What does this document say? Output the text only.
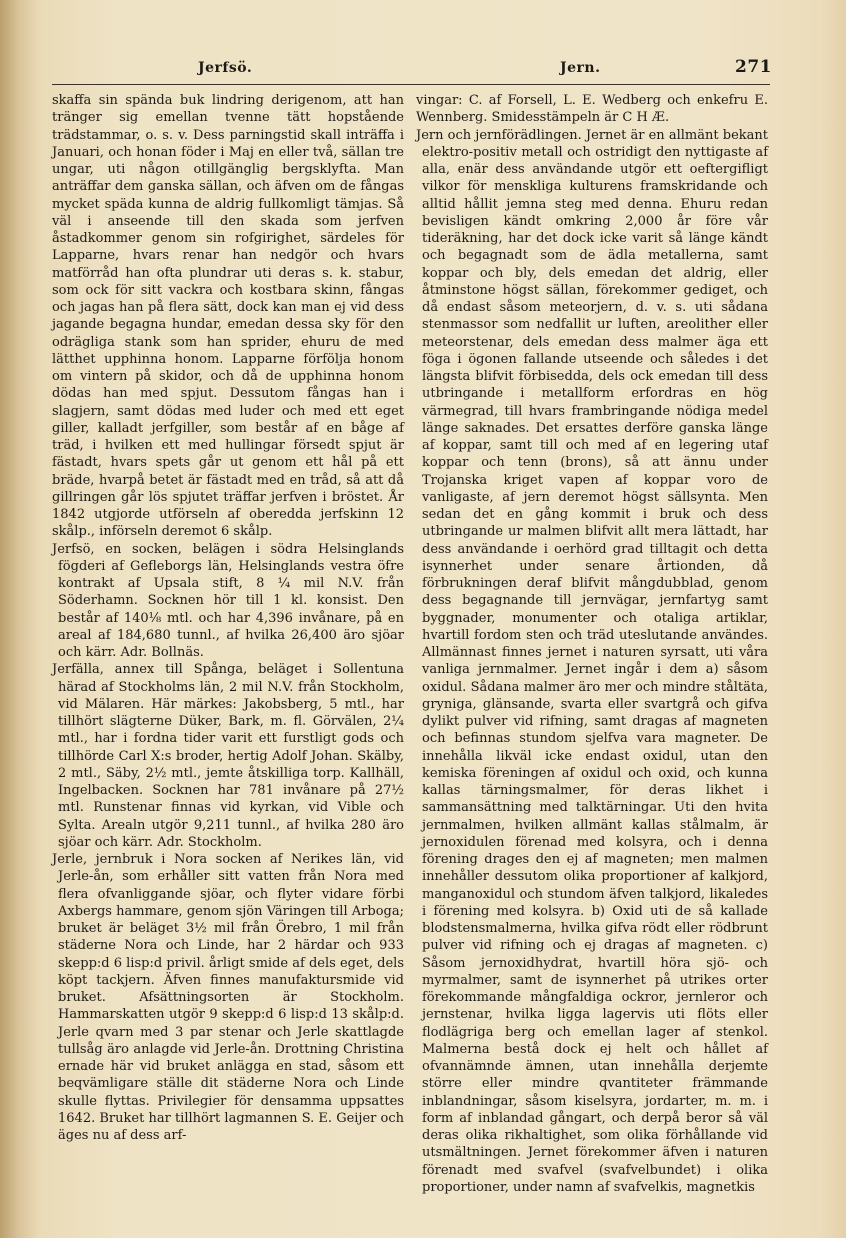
Jerfsö.	Jern.	271

skaffa sin spända buk lindring derigenom, att han tränger sig emellan tvenne tätt hopstående trädstammar, o. s. v. Dess parningstid skall inträffa i Januari, och honan föder i Maj en eller två, sällan tre ungar, uti någon otillgänglig bergsklyfta. Man anträffar dem ganska sällan, och äfven om de fångas mycket späda kunna de aldrig fullkomligt tämjas. Så väl i anseende till den skada som jerfven åstadkommer genom sin rofgirighet, särdeles för Lapparne, hvars renar han nedgör och hvars matförråd han ofta plundrar uti deras s. k. stabur, som ock för sitt vackra och kostbara skinn, fångas och jagas han på flera sätt, dock kan man ej vid dess jagande begagna hundar, emedan dessa sky för den odrägliga stank som han sprider, ehuru de med lätthet upphinna honom. Lapparne förfölja honom om vintern på skidor, och då de upphinna honom dödas han med spjut. Dessutom fångas han i slagjern, samt dödas med luder och med ett eget giller, kalladt jerfgiller, som består af en båge af träd, i hvilken ett med hullingar försedt spjut är fästadt, hvars spets går ut genom ett hål på ett bräde, hvarpå betet är fästadt med en tråd, så att då gillringen går lös spjutet träffar jerfven i bröstet. År 1842 utgjorde utförseln af oberedda jerfskinn 12 skålp., införseln deremot 6 skålp.

Jerfsö, en socken, belägen i södra Helsinglands fögderi af Gefleborgs län, Helsinglands vestra öfre kontrakt af Upsala stift, 8 ¼ mil N.V. från Söderhamn. Socknen hör till 1 kl. konsist. Den består af 140⅛ mtl. och har 4,396 invånare, på en areal af 184,680 tunnl., af hvilka 26,400 äro sjöar och kärr. Adr. Bollnäs.

Jerfälla, annex till Spånga, beläget i Sollentuna härad af Stockholms län, 2 mil N.V. från Stockholm, vid Mälaren. Här märkes: Jakobsberg, 5 mtl., har tillhört slägterne Düker, Bark, m. fl. Görvälen, 2¼ mtl., har i fordna tider varit ett furstligt gods och tillhörde Carl X:s broder, hertig Adolf Johan. Skälby, 2 mtl., Säby, 2½ mtl., jemte åtskilliga torp. Kallhäll, Ingelbacken. Socknen har 781 invånare på 27½ mtl. Runstenar finnas vid kyrkan, vid Vible och Sylta. Arealn utgör 9,211 tunnl., af hvilka 280 äro sjöar och kärr. Adr. Stockholm.

Jerle, jernbruk i Nora socken af Nerikes län, vid Jerle-ån, som erhåller sitt vatten från Nora med flera ofvanliggande sjöar, och flyter vidare förbi Axbergs hammare, genom sjön Väringen till Arboga; bruket är beläget 3½ mil från Örebro, 1 mil från städerne Nora och Linde, har 2 härdar och 933 skepp:d 6 lisp:d privil. årligt smide af dels eget, dels köpt tackjern. Äfven finnes manufaktursmide vid bruket. Afsättningsorten är Stockholm. Hammarskatten utgör 9 skepp:d 6 lisp:d 13 skålp:d. Jerle qvarn med 3 par stenar och Jerle skattlagde tullsåg äro anlagde vid Jerle-ån. Drottning Christina ernade här vid bruket anlägga en stad, såsom ett beqvämligare ställe dit städerne Nora och Linde skulle flyttas. Privilegier för densamma uppsattes 1642. Bruket har tillhört lagmannen S. E. Geijer och äges nu af dess arf-

vingar: C. af Forsell, L. E. Wedberg och enkefru E. Wennberg. Smidesstämpeln är C H Æ.

Jern och jernförädlingen. Jernet är en allmänt bekant elektro-positiv metall och ostridigt den nyttigaste af alla, enär dess användande utgör ett oeftergifligt vilkor för menskliga kulturens framskridande och alltid hållit jemna steg med denna. Ehuru redan bevisligen kändt omkring 2,000 år före vår tideräkning, har det dock icke varit så länge kändt och begagnadt som de ädla metallerna, samt koppar och bly, dels emedan det aldrig, eller åtminstone högst sällan, förekommer gediget, och då endast såsom meteorjern, d. v. s. uti sådana stenmassor som nedfallit ur luften, areolither eller meteorstenar, dels emedan dess malmer äga ett föga i ögonen fallande utseende och således i det längsta blifvit förbisedda, dels ock emedan till dess utbringande i metallform erfordras en hög värmegrad, till hvars frambringande nödiga medel länge saknades. Det ersattes derföre ganska länge af koppar, samt till och med af en legering utaf koppar och tenn (brons), så att ännu under Trojanska kriget vapen af koppar voro de vanligaste, af jern deremot högst sällsynta. Men sedan det en gång kommit i bruk och dess utbringande ur malmen blifvit allt mera lättadt, har dess användande i oerhörd grad tilltagit och detta isynnerhet under senare årtionden, då förbrukningen deraf blifvit mångdubblad, genom dess begagnande till jernvägar, jernfartyg samt byggnader, monumenter och otaliga artiklar, hvartill fordom sten och träd uteslutande användes. Allmännast finnes jernet i naturen syrsatt, uti våra vanliga jernmalmer. Jernet ingår i dem a) såsom oxidul. Sådana malmer äro mer och mindre ståltäta, gryniga, glänsande, svarta eller svartgrå och gifva dylikt pulver vid rifning, samt dragas af magneten och befinnas stundom sjelfva vara magneter. De innehålla likväl icke endast oxidul, utan den kemiska föreningen af oxidul och oxid, och kunna kallas tärningsmalmer, för deras likhet i sammansättning med talktärningar. Uti den hvita jernmalmen, hvilken allmänt kallas stålmalm, är jernoxidulen förenad med kolsyra, och i denna förening drages den ej af magneten; men malmen innehåller dessutom olika proportioner af kalkjord, manganoxidul och stundom äfven talkjord, likaledes i förening med kolsyra. b) Oxid uti de så kallade blodstensmalmerna, hvilka gifva rödt eller rödbrunt pulver vid rifning och ej dragas af magneten. c) Såsom jernoxidhydrat, hvartill höra sjö- och myrmalmer, samt de isynnerhet på utrikes orter förekommande mångfaldiga ockror, jernleror och jernstenar, hvilka ligga lagervis uti flöts eller flodlägriga berg och emellan lager af stenkol. Malmerna bestå dock ej helt och hållet af ofvannämnde ämnen, utan innehålla derjemte större eller mindre qvantiteter främmande inblandningar, såsom kiselsyra, jordarter, m. m. i form af inblandad gångart, och derpå beror så väl deras olika rikhaltighet, som olika förhållande vid utsmältningen. Jernet förekommer äfven i naturen förenadt med svafvel (svafvelbundet) i olika proportioner, under namn af svafvelkis, magnetkis
